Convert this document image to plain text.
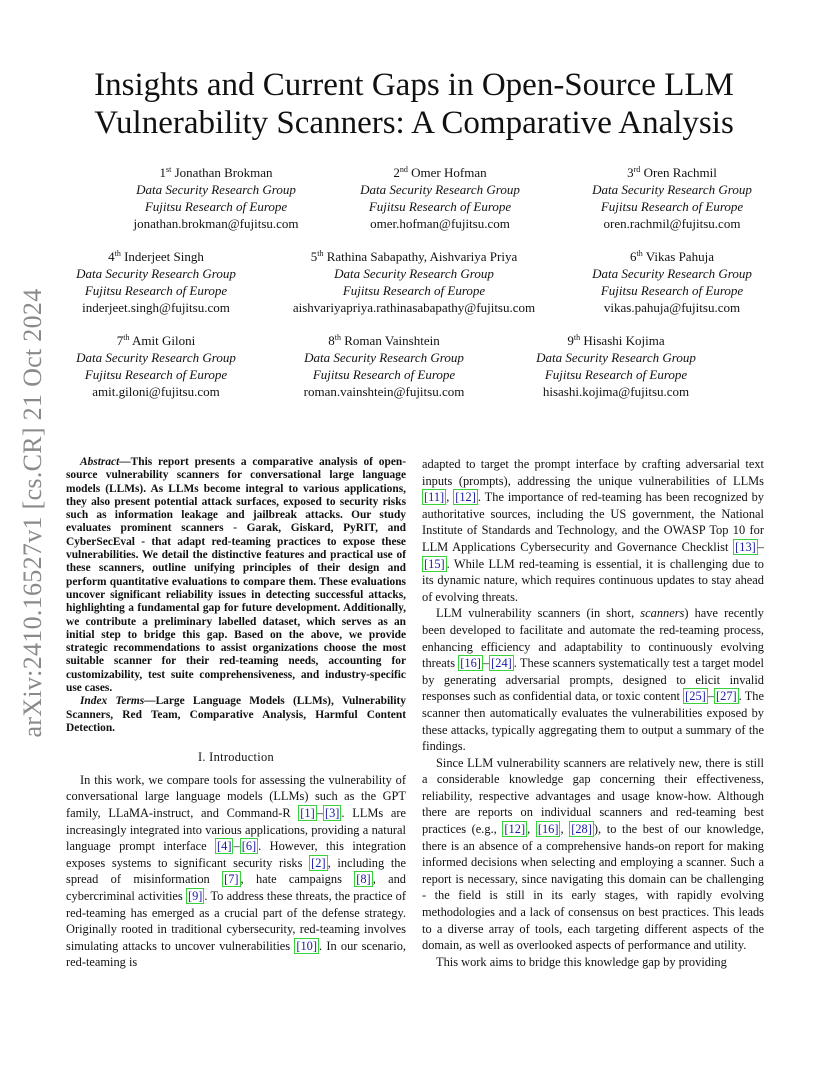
arXiv:2410.16527v1 [cs.CR] 21 Oct 2024
Insights and Current Gaps in Open-Source LLM
Vulnerability Scanners: A Comparative Analysis
1st Jonathan Brokman
Data Security Research Group
Fujitsu Research of Europe
jonathan.brokman@fujitsu.com
2nd Omer Hofman
Data Security Research Group
Fujitsu Research of Europe
omer.hofman@fujitsu.com
3rd Oren Rachmil
Data Security Research Group
Fujitsu Research of Europe
oren.rachmil@fujitsu.com
4th Inderjeet Singh
Data Security Research Group
Fujitsu Research of Europe
inderjeet.singh@fujitsu.com
5th Rathina Sabapathy, Aishvariya Priya
Data Security Research Group
Fujitsu Research of Europe
aishvariyapriya.rathinasabapathy@fujitsu.com
6th Vikas Pahuja
Data Security Research Group
Fujitsu Research of Europe
vikas.pahuja@fujitsu.com
7th Amit Giloni
Data Security Research Group
Fujitsu Research of Europe
amit.giloni@fujitsu.com
8th Roman Vainshtein
Data Security Research Group
Fujitsu Research of Europe
roman.vainshtein@fujitsu.com
9th Hisashi Kojima
Data Security Research Group
Fujitsu Research of Europe
hisashi.kojima@fujitsu.com

Abstract—This report presents a comparative analysis of open-source vulnerability scanners for conversational large language models (LLMs). As LLMs become integral to various applications, they also present potential attack surfaces, exposed to security risks such as information leakage and jailbreak attacks. Our study evaluates prominent scanners - Garak, Giskard, PyRIT, and CyberSecEval - that adapt red-teaming practices to expose these vulnerabilities. We detail the distinctive features and practical use of these scanners, outline unifying principles of their design and perform quantitative evaluations to compare them. These evaluations uncover significant reliability issues in detecting successful attacks, highlighting a fundamental gap for future development. Additionally, we contribute a preliminary labelled dataset, which serves as an initial step to bridge this gap. Based on the above, we provide strategic recommendations to assist organizations choose the most suitable scanner for their red-teaming needs, accounting for customizability, test suite comprehensiveness, and industry-specific use cases.

Index Terms—Large Language Models (LLMs), Vulnerability Scanners, Red Team, Comparative Analysis, Harmful Content Detection.

I. Introduction

In this work, we compare tools for assessing the vulnerability of conversational large language models (LLMs) such as the GPT family, LLaMA-instruct, and Command-R [1] – [3] . LLMs are increasingly integrated into various applications, providing a natural language prompt interface [4] – [6] . However, this integration exposes systems to significant security risks [2] , including the spread of misinformation [7] , hate campaigns [8] , and cybercriminal activities [9] . To address these threats, the practice of red-teaming has emerged as a crucial part of the defense strategy. Originally rooted in traditional cybersecurity, red-teaming involves simulating attacks to uncover vulnerabilities [10] . In our scenario, red-teaming is

adapted to target the prompt interface by crafting adversarial text inputs (prompts), addressing the unique vulnerabilities of LLMs [11] , [12] . The importance of red-teaming has been recognized by authoritative sources, including the US government, the National Institute of Standards and Technology, and the OWASP Top 10 for LLM Applications Cybersecurity and Governance Checklist [13] –[15] . While LLM red-teaming is essential, it is challenging due to its dynamic nature, which requires continuous updates to stay ahead of evolving threats.

LLM vulnerability scanners (in short, scanners) have recently been developed to facilitate and automate the red-teaming process, enhancing efficiency and adaptability to continuously evolving threats [16] – [24] . These scanners systematically test a target model by generating adversarial prompts, designed to elicit invalid responses such as confidential data, or toxic content [25] – [27] . The scanner then automatically evaluates the vulnerabilities exposed by these attacks, typically aggregating them to output a summary of the findings.

Since LLM vulnerability scanners are relatively new, there is still a considerable knowledge gap concerning their effectiveness, reliability, respective advantages and usage know-how. Although there are reports on individual scanners and red-teaming best practices (e.g., [12] , [16] , [28] ), to the best of our knowledge, there is an absence of a comprehensive hands-on report for making informed decisions when selecting and employing a scanner. Such a report is necessary, since navigating this domain can be challenging - the field is still in its early stages, with rapidly evolving methodologies and a lack of consensus on best practices. This leads to a diverse array of tools, each targeting different aspects of the domain, as well as overlooked aspects of performance and utility.

This work aims to bridge this knowledge gap by providing
